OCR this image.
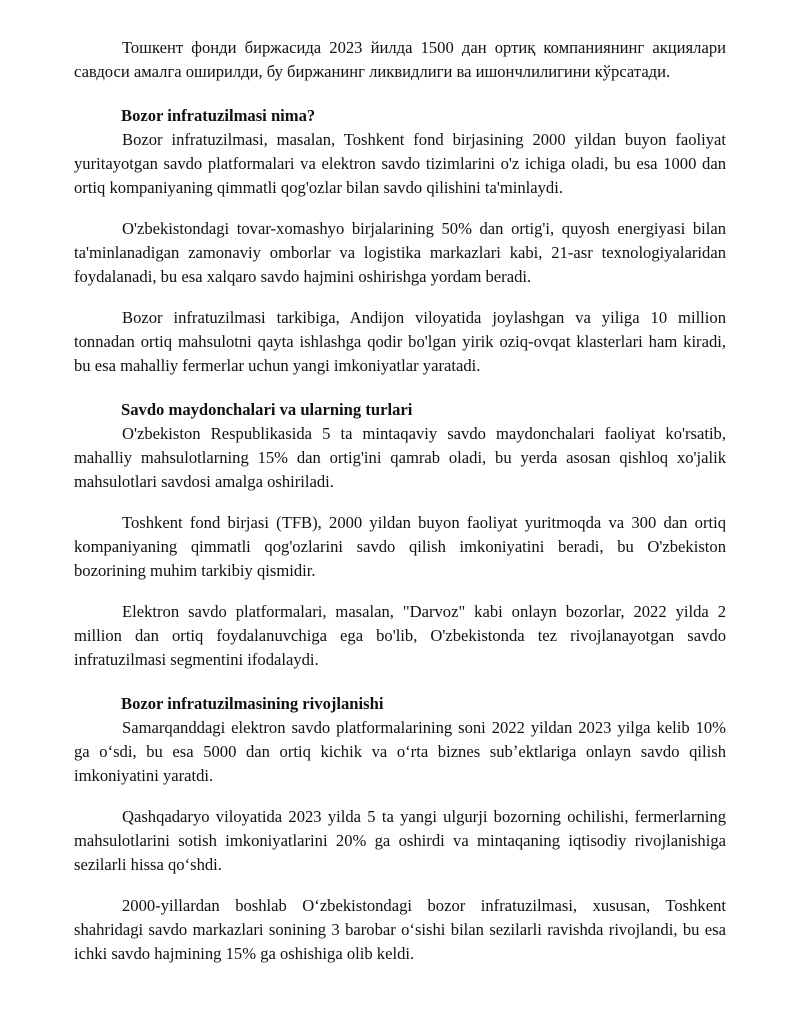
Тошкент фонди биржасида 2023 йилда 1500 дан ортиқ компаниянинг акциялари савдоси амалга оширилди, бу биржанинг ликвидлиги ва ишончлилигини кўрсатади.

Bozor infratuzilmasi nima?

Bozor infratuzilmasi, masalan, Toshkent fond birjasining 2000 yildan buyon faoliyat yuritayotgan savdo platformalari va elektron savdo tizimlarini o'z ichiga oladi, bu esa 1000 dan ortiq kompaniyaning qimmatli qog'ozlar bilan savdo qilishini ta'minlaydi.

O'zbekistondagi tovar-xomashyo birjalarining 50% dan ortig'i, quyosh energiyasi bilan ta'minlanadigan zamonaviy omborlar va logistika markazlari kabi, 21-asr texnologiyalaridan foydalanadi, bu esa xalqaro savdo hajmini oshirishga yordam beradi.

Bozor infratuzilmasi tarkibiga, Andijon viloyatida joylashgan va yiliga 10 million tonnadan ortiq mahsulotni qayta ishlashga qodir bo'lgan yirik oziq-ovqat klasterlari ham kiradi, bu esa mahalliy fermerlar uchun yangi imkoniyatlar yaratadi.

Savdo maydonchalari va ularning turlari

O'zbekiston Respublikasida 5 ta mintaqaviy savdo maydonchalari faoliyat ko'rsatib, mahalliy mahsulotlarning 15% dan ortig'ini qamrab oladi, bu yerda asosan qishloq xo'jalik mahsulotlari savdosi amalga oshiriladi.

Toshkent fond birjasi (TFB), 2000 yildan buyon faoliyat yuritmoqda va 300 dan ortiq kompaniyaning qimmatli qog'ozlarini savdo qilish imkoniyatini beradi, bu O'zbekiston bozorining muhim tarkibiy qismidir.

Elektron savdo platformalari, masalan, "Darvoz" kabi onlayn bozorlar, 2022 yilda 2 million dan ortiq foydalanuvchiga ega bo'lib, O'zbekistonda tez rivojlanayotgan savdo infratuzilmasi segmentini ifodalaydi.

Bozor infratuzilmasining rivojlanishi

Samarqanddagi elektron savdo platformalarining soni 2022 yildan 2023 yilga kelib 10% ga oʻsdi, bu esa 5000 dan ortiq kichik va oʻrta biznes subʼektlariga onlayn savdo qilish imkoniyatini yaratdi.

Qashqadaryo viloyatida 2023 yilda 5 ta yangi ulgurji bozorning ochilishi, fermerlarning mahsulotlarini sotish imkoniyatlarini 20% ga oshirdi va mintaqaning iqtisodiy rivojlanishiga sezilarli hissa qoʻshdi.

2000-yillardan boshlab Oʻzbekistondagi bozor infratuzilmasi, xususan, Toshkent shahridagi savdo markazlari sonining 3 barobar oʻsishi bilan sezilarli ravishda rivojlandi, bu esa ichki savdo hajmining 15% ga oshishiga olib keldi.
